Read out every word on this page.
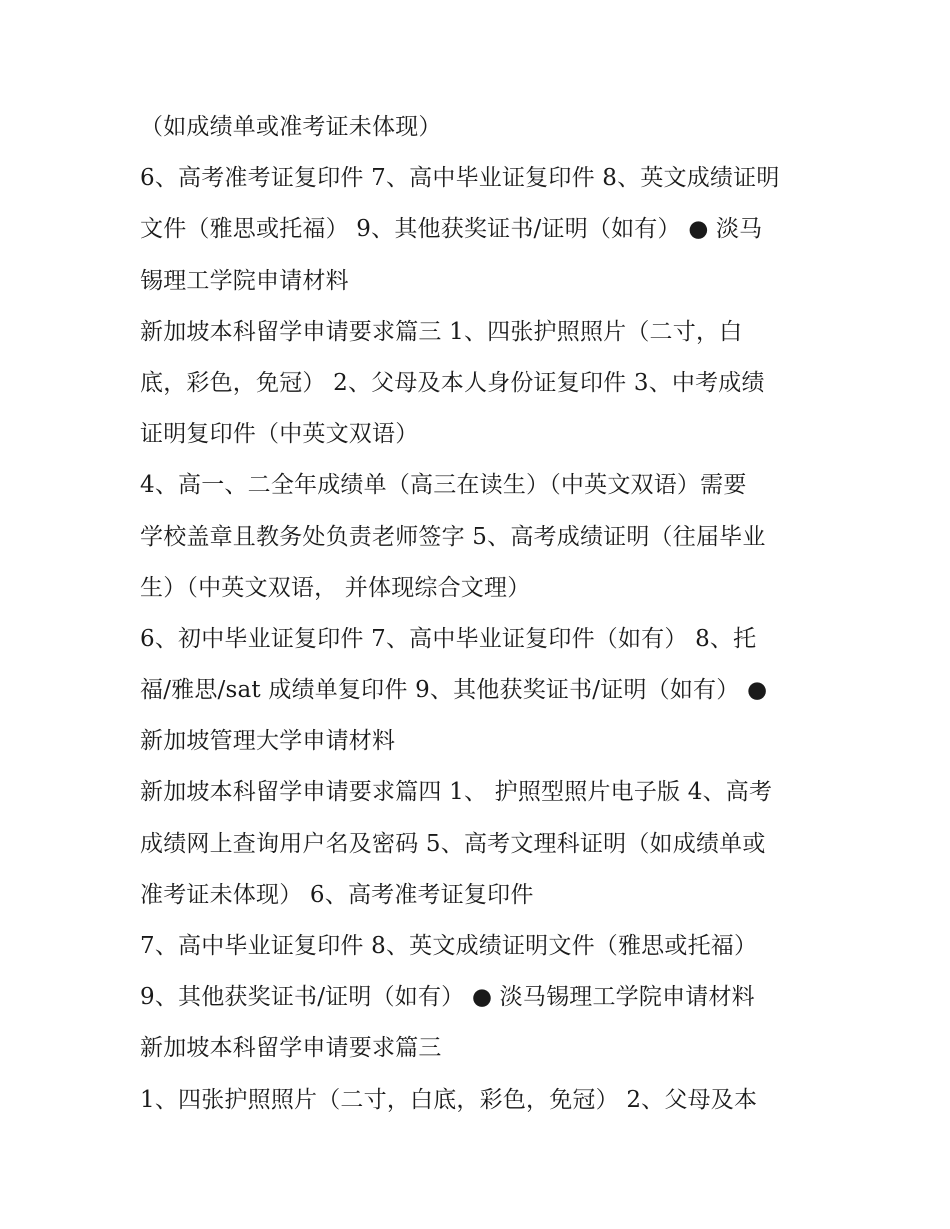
（如成绩单或准考证未体现）
6、高考准考证复印件 7、高中毕业证复印件 8、英文成绩证明
文件（雅思或托福） 9、其他获奖证书/证明（如有） ● 淡马
锡理工学院申请材料
新加坡本科留学申请要求篇三 1、四张护照照片（二寸，白
底，彩色，免冠） 2、父母及本人身份证复印件 3、中考成绩
证明复印件（中英文双语）
4、高一、二全年成绩单（高三在读生）（中英文双语）需要
学校盖章且教务处负责老师签字 5、高考成绩证明（往届毕业
生）（中英文双语， 并体现综合文理）
6、初中毕业证复印件 7、高中毕业证复印件（如有） 8、托
福/雅思/sat 成绩单复印件 9、其他获奖证书/证明（如有） ●
新加坡管理大学申请材料
新加坡本科留学申请要求篇四 1、 护照型照片电子版 4、高考
成绩网上查询用户名及密码 5、高考文理科证明（如成绩单或
准考证未体现） 6、高考准考证复印件
7、高中毕业证复印件 8、英文成绩证明文件（雅思或托福）
9、其他获奖证书/证明（如有） ● 淡马锡理工学院申请材料
新加坡本科留学申请要求篇三
1、四张护照照片（二寸，白底，彩色，免冠） 2、父母及本
